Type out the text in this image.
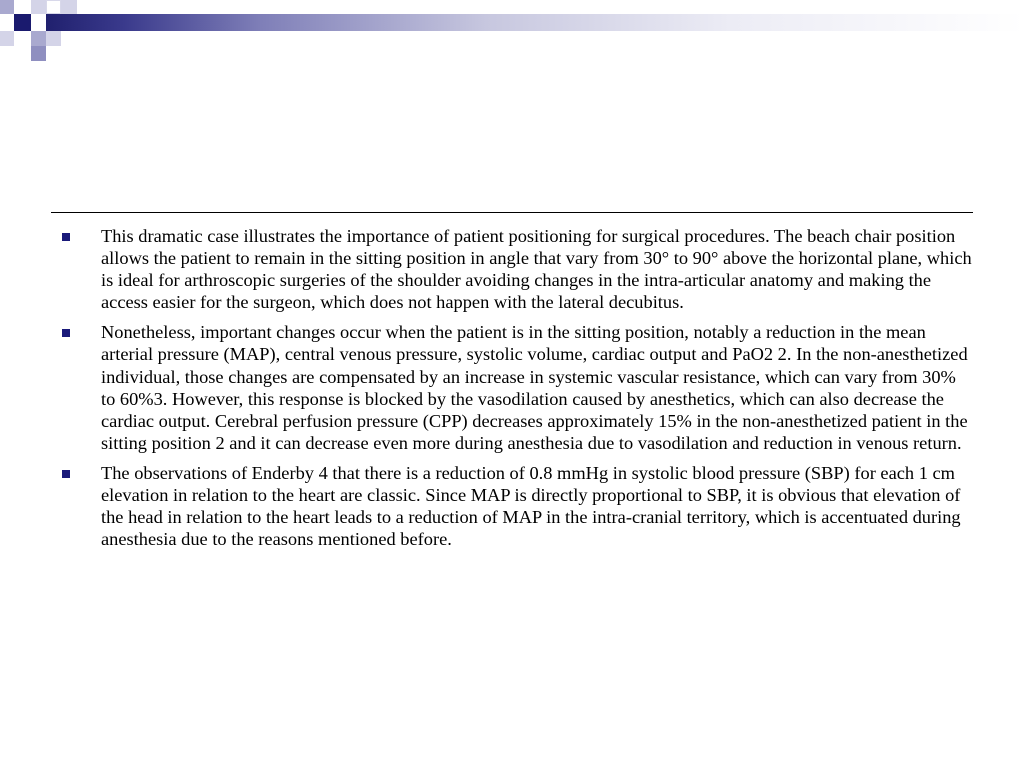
This dramatic case illustrates the importance of patient positioning for surgical procedures. The beach chair position allows the patient to remain in the sitting position in angle that vary from 30° to 90° above the horizontal plane, which is ideal for arthroscopic surgeries of the shoulder avoiding changes in the intra-articular anatomy and making the access easier for the surgeon, which does not happen with the lateral decubitus.
Nonetheless, important changes occur when the patient is in the sitting position, notably a reduction in the mean arterial pressure (MAP), central venous pressure, systolic volume, cardiac output and PaO2 2. In the non-anesthetized individual, those changes are compensated by an increase in systemic vascular resistance, which can vary from 30% to 60%3. However, this response is blocked by the vasodilation caused by anesthetics, which can also decrease the cardiac output. Cerebral perfusion pressure (CPP) decreases approximately 15% in the non-anesthetized patient in the sitting position 2 and it can decrease even more during anesthesia due to vasodilation and reduction in venous return.
The observations of Enderby 4 that there is a reduction of 0.8 mmHg in systolic blood pressure (SBP) for each 1 cm elevation in relation to the heart are classic. Since MAP is directly proportional to SBP, it is obvious that elevation of the head in relation to the heart leads to a reduction of MAP in the intra-cranial territory, which is accentuated during anesthesia due to the reasons mentioned before.
